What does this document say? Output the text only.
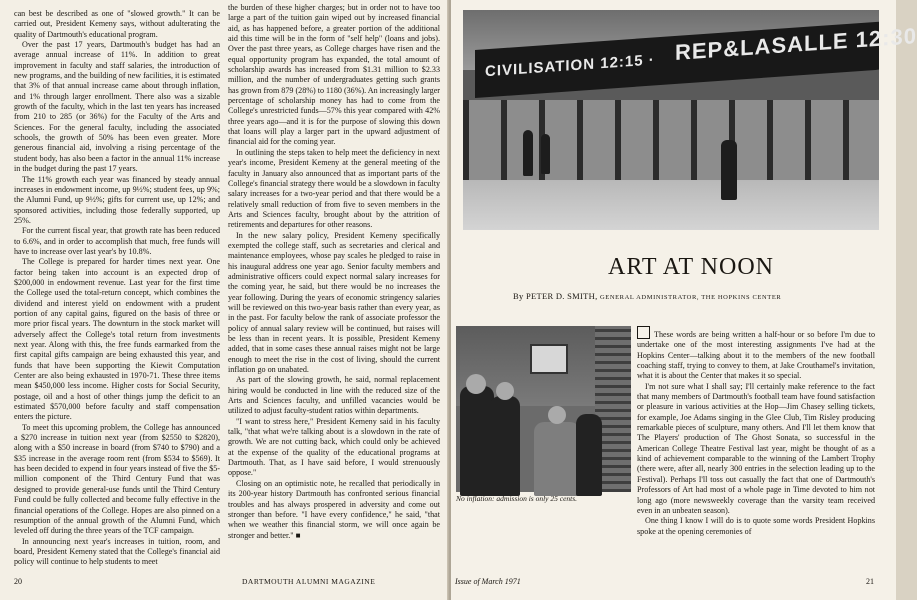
can best be described as one of "slowed growth." It can be carried out, President Kemeny says, without adulterating the quality of Dartmouth's educational program.

Over the past 17 years, Dartmouth's budget has had an average annual increase of 11%. In addition to great improvement in faculty and staff salaries, the introduction of new programs, and the building of new facilities, it is estimated that 3% of that annual increase came about through inflation, and 1% through larger enrollment. There also was a sizable growth of the faculty, which in the last ten years has increased from 210 to 285 (or 36%) for the Faculty of the Arts and Sciences. For the general faculty, including the associated schools, the growth of 50% has been even greater. More generous financial aid, involving a rising percentage of the student body, has also been a factor in the annual 11% increase in the budget during the past 17 years.

The 11% growth each year was financed by steady annual increases in endowment income, up 9½%; student fees, up 9%; the Alumni Fund, up 9½%; gifts for current use, up 12%; and sponsored activities, including those federally supported, up 25%.

For the current fiscal year, that growth rate has been reduced to 6.6%, and in order to accomplish that much, free funds will have to increase over last year's by 10.8%.

The College is prepared for harder times next year. One factor being taken into account is an expected drop of $200,000 in endowment revenue. Last year for the first time the College used the total-return concept, which combines the dividend and interest yield on endowment with a prudent portion of any capital gains, figured on the basis of three or more prior fiscal years. The downturn in the stock market will adversely affect the College's total return from investments next year. Along with this, the free funds earmarked from the first capital gifts campaign are being exhausted this year, and funds that have been supporting the Kiewit Computation Center are also being exhausted in 1970-71. These three items mean $450,000 less income. Higher costs for Social Security, postage, oil and a host of other things jump the deficit to an estimated $570,000 before faculty and staff compensation enters the picture.

To meet this upcoming problem, the College has announced a $270 increase in tuition next year (from $2550 to $2820), along with a $50 increase in board (from $740 to $790) and a $35 increase in the average room rent (from $534 to $569). It has been decided to expend in four years instead of five the $5-million component of the Third Century Fund that was designed to provide general-use funds until the Third Century Fund could be fully collected and become fully effective in the financial operations of the College. Hopes are also pinned on a resumption of the annual growth of the Alumni Fund, which leveled off during the three years of the TCF campaign.

In announcing next year's increases in tuition, room, and board, President Kemeny stated that the College's financial aid policy will continue to help students to meet

the burden of these higher charges; but in order not to have too large a part of the tuition gain wiped out by increased financial aid, as has happened before, a greater portion of the additional aid this time will be in the form of "self help" (loans and jobs). Over the past three years, as College charges have risen and the equal opportunity program has expanded, the total amount of scholarship awards has increased from $1.31 million to $2.33 million, and the number of undergraduates getting such grants has grown from 879 (28%) to 1180 (36%). An increasingly larger percentage of scholarship money has had to come from the College's unrestricted funds—57% this year compared with 42% three years ago—and it is for the purpose of slowing this down that loans will play a larger part in the upward adjustment of financial aid for the coming year.

In outlining the steps taken to help meet the deficiency in next year's income, President Kemeny at the general meeting of the faculty in January also announced that as important parts of the College's financial strategy there would be a slowdown in faculty salary increases for a two-year period and that there would be a relatively small reduction of from five to seven members in the Arts and Sciences faculty, brought about by the attrition of retirements and departures for other reasons.

In the new salary policy, President Kemeny specifically exempted the college staff, such as secretaries and clerical and maintenance employees, whose pay scales he pledged to raise in his inaugural address one year ago. Senior faculty members and administrative officers could expect normal salary increases for the coming year, he said, but there would be no increases the year following. During the years of economic stringency salaries will be reviewed on this two-year basis rather than every year, as in the past. For faculty below the rank of associate professor the policy of annual salary review will be continued, but raises will be less than in recent years. It is possible, President Kemeny added, that in some cases these annual raises might not be large enough to meet the rise in the cost of living, should the current inflation go on unabated.

As part of the slowing growth, he said, normal replacement hiring would be conducted in line with the reduced size of the Arts and Sciences faculty, and unfilled vacancies would be utilized to adjust faculty-student ratios within departments.

"I want to stress here," President Kemeny said in his faculty talk, "that what we're talking about is a slowdown in the rate of growth. We are not cutting back, which could only be achieved at the expense of the quality of the educational programs at Dartmouth. That, as I have said before, I would strenuously oppose."

Closing on an optimistic note, he recalled that periodically in its 200-year history Dartmouth has confronted serious financial troubles and has always prospered in adversity and come out stronger than before. "I have every confidence," he said, "that when we weather this financial storm, we will once again be stronger and better." ■

20	DARTMOUTH ALUMNI MAGAZINE
CIVILISATION 12:15 ·
REP&LASALLE 12:30
ART AT NOON
By PETER D. SMITH, GENERAL ADMINISTRATOR, THE HOPKINS CENTER
No inflation: admission is only 25 cents.

These words are being written a half-hour or so before I'm due to undertake one of the most interesting assignments I've had at the Hopkins Center—talking about it to the members of the new football coaching staff, trying to convey to them, at Jake Crouthamel's invitation, what it is about the Center that makes it so special.

I'm not sure what I shall say; I'll certainly make reference to the fact that many members of Dartmouth's football team have found satisfaction or pleasure in various activities at the Hop—Jim Chasey selling tickets, for example, Joe Adams singing in the Glee Club, Tim Risley producing remarkable pieces of sculpture, many others. And I'll let them know that The Players' production of The Ghost Sonata, so successful in the American College Theatre Festival last year, might be thought of as a kind of achievement comparable to the winning of the Lambert Trophy (there were, after all, nearly 300 entries in the selection leading up to the Festival). Perhaps I'll toss out casually the fact that one of Dartmouth's Professors of Art had most of a whole page in Time devoted to him not long ago (more newsweekly coverage than the varsity team received even in an unbeaten season).

One thing I know I will do is to quote some words President Hopkins spoke at the opening ceremonies of

Issue of March 1971	21
